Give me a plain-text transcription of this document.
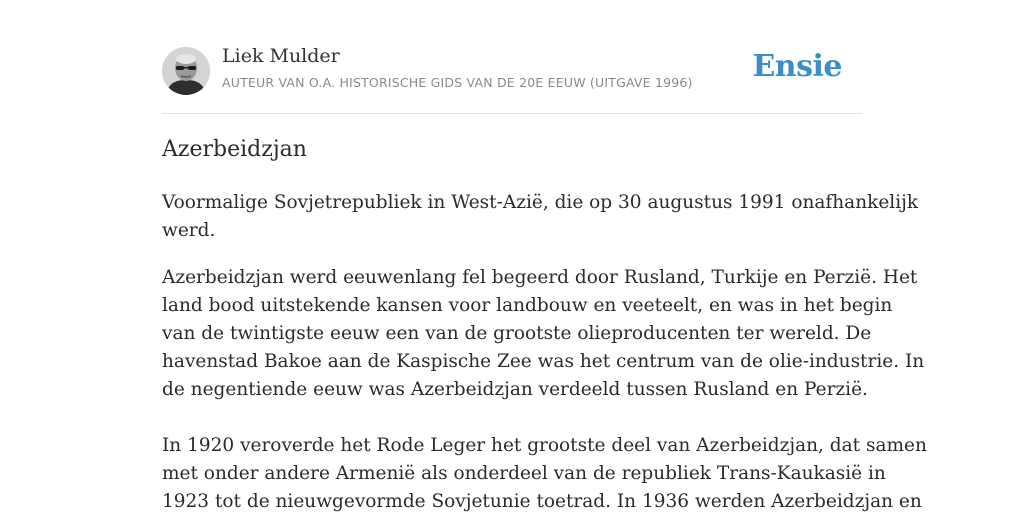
Liek Mulder
AUTEUR VAN O.A. HISTORISCHE GIDS VAN DE 20E EEUW (UITGAVE 1996) Ensie
Azerbeidzjan

Voormalige Sovjetrepubliek in West-Azië, die op 30 augustus 1991 onafhankelijk

werd.

Azerbeidzjan werd eeuwenlang fel begeerd door Rusland, Turkije en Perzië. Het

land bood uitstekende kansen voor landbouw en veeteelt, en was in het begin

van de twintigste eeuw een van de grootste olieproducenten ter wereld. De

havenstad Bakoe aan de Kaspische Zee was het centrum van de olie-industrie. In

de negentiende eeuw was Azerbeidzjan verdeeld tussen Rusland en Perzië.

In 1920 veroverde het Rode Leger het grootste deel van Azerbeidzjan, dat samen

met onder andere Armenië als onderdeel van de republiek Trans-Kaukasië in

1923 tot de nieuwgevormde Sovjetunie toetrad. In 1936 werden Azerbeidzjan en
